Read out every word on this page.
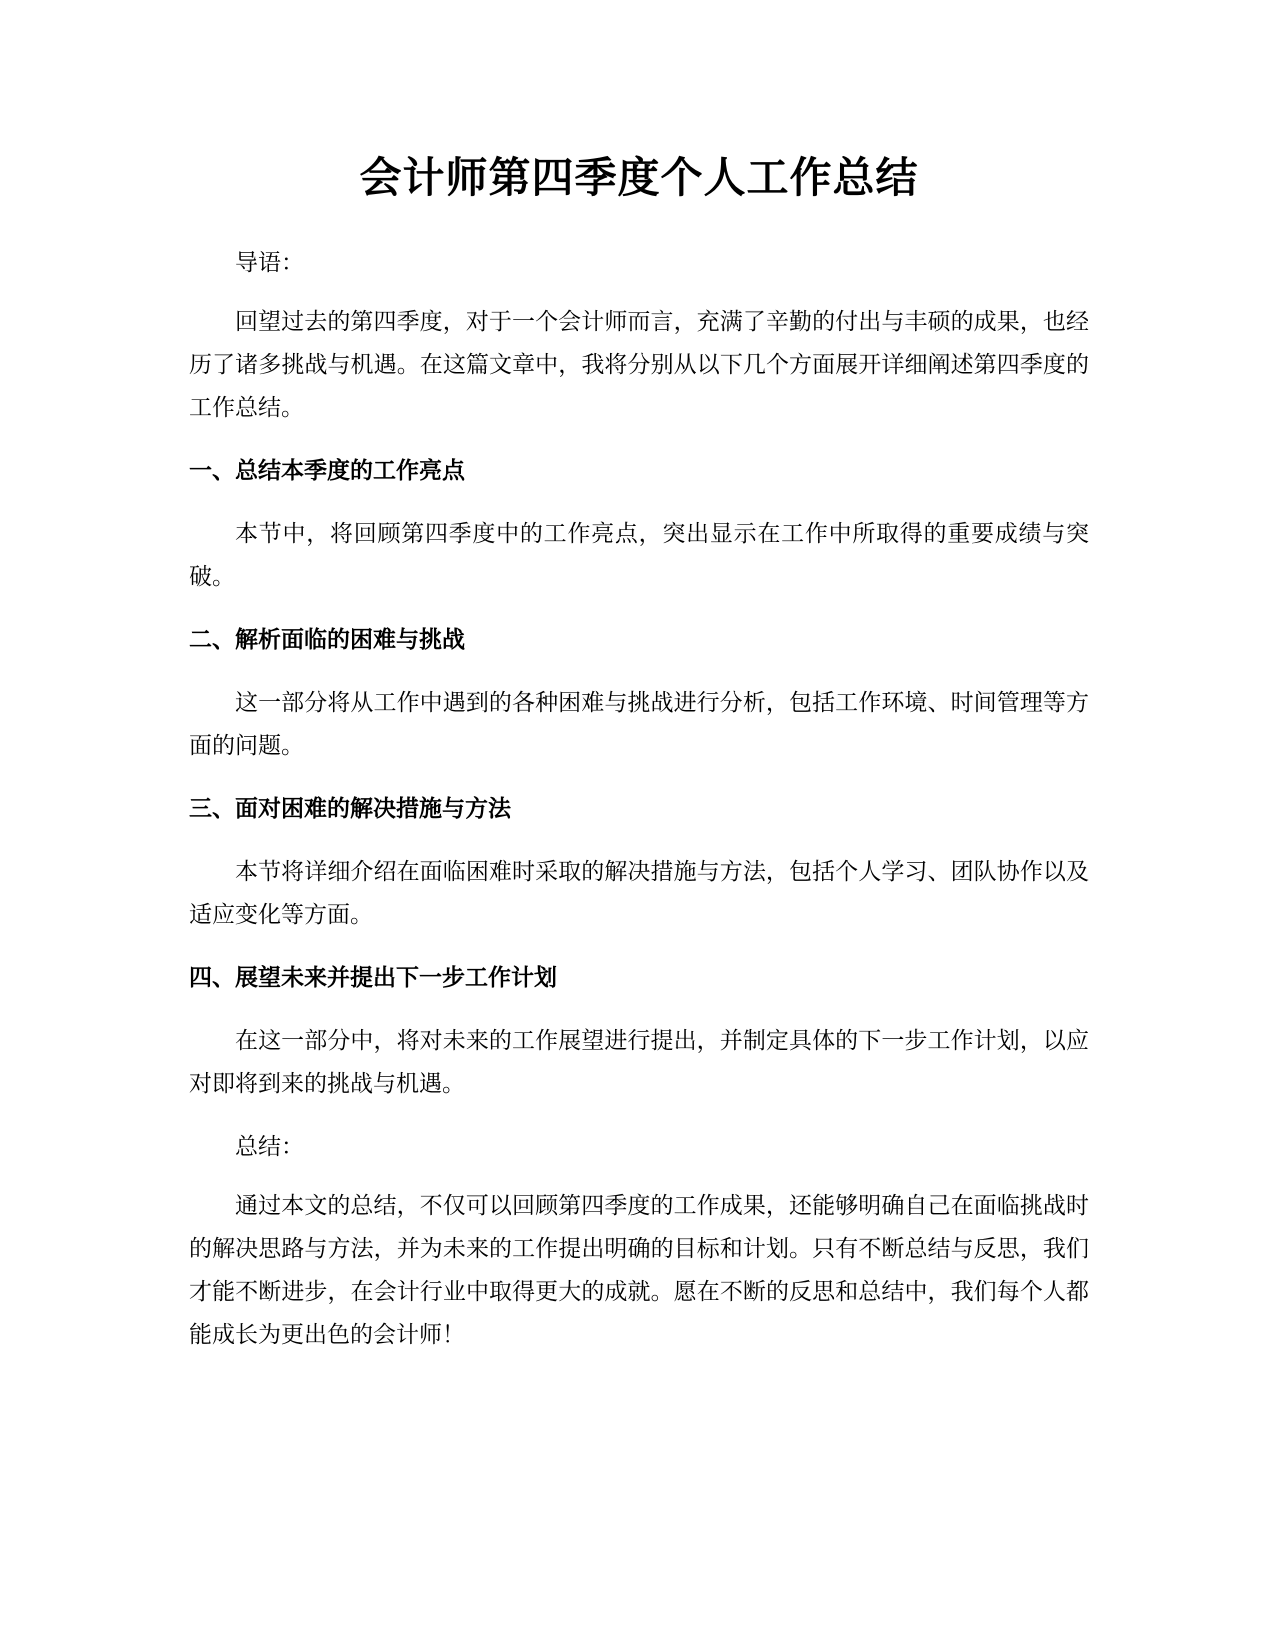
会计师第四季度个人工作总结

导语：

回望过去的第四季度，对于一个会计师而言，充满了辛勤的付出与丰硕的成果，也经历了诸多挑战与机遇。在这篇文章中，我将分别从以下几个方面展开详细阐述第四季度的工作总结。

一、总结本季度的工作亮点

本节中，将回顾第四季度中的工作亮点，突出显示在工作中所取得的重要成绩与突破。

二、解析面临的困难与挑战

这一部分将从工作中遇到的各种困难与挑战进行分析，包括工作环境、时间管理等方面的问题。

三、面对困难的解决措施与方法

本节将详细介绍在面临困难时采取的解决措施与方法，包括个人学习、团队协作以及适应变化等方面。

四、展望未来并提出下一步工作计划

在这一部分中，将对未来的工作展望进行提出，并制定具体的下一步工作计划，以应对即将到来的挑战与机遇。

总结：

通过本文的总结，不仅可以回顾第四季度的工作成果，还能够明确自己在面临挑战时的解决思路与方法，并为未来的工作提出明确的目标和计划。只有不断总结与反思，我们才能不断进步，在会计行业中取得更大的成就。愿在不断的反思和总结中，我们每个人都能成长为更出色的会计师！
